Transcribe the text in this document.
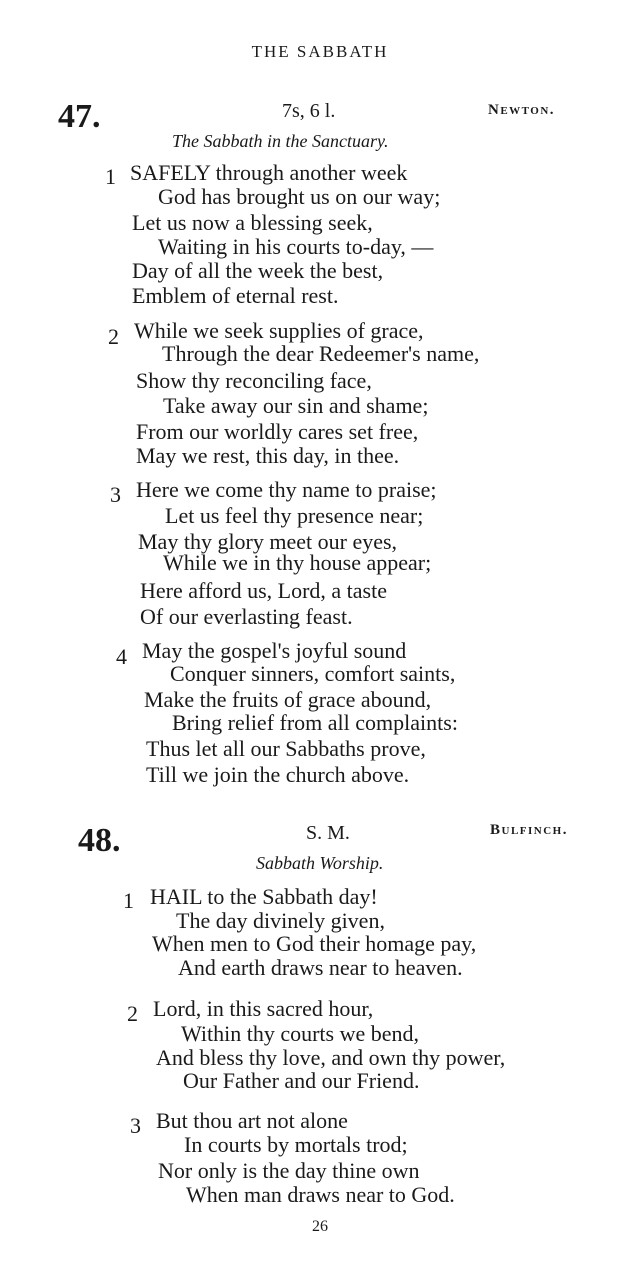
THE SABBATH
47.	7s, 6 l.	Newton.
The Sabbath in the Sanctuary.
1 SAFELY through another week
God has brought us on our way;
Let us now a blessing seek,
Waiting in his courts to-day, —
Day of all the week the best,
Emblem of eternal rest.
2 While we seek supplies of grace,
Through the dear Redeemer's name,
Show thy reconciling face,
Take away our sin and shame;
From our worldly cares set free,
May we rest, this day, in thee.
3 Here we come thy name to praise;
Let us feel thy presence near;
May thy glory meet our eyes,
While we in thy house appear;
Here afford us, Lord, a taste
Of our everlasting feast.
4 May the gospel's joyful sound
Conquer sinners, comfort saints,
Make the fruits of grace abound,
Bring relief from all complaints:
Thus let all our Sabbaths prove,
Till we join the church above.
48.	S. M.	Bulfinch.
Sabbath Worship.
1 HAIL to the Sabbath day!
The day divinely given,
When men to God their homage pay,
And earth draws near to heaven.
2 Lord, in this sacred hour,
Within thy courts we bend,
And bless thy love, and own thy power,
Our Father and our Friend.
3 But thou art not alone
In courts by mortals trod;
Nor only is the day thine own
When man draws near to God.
26
